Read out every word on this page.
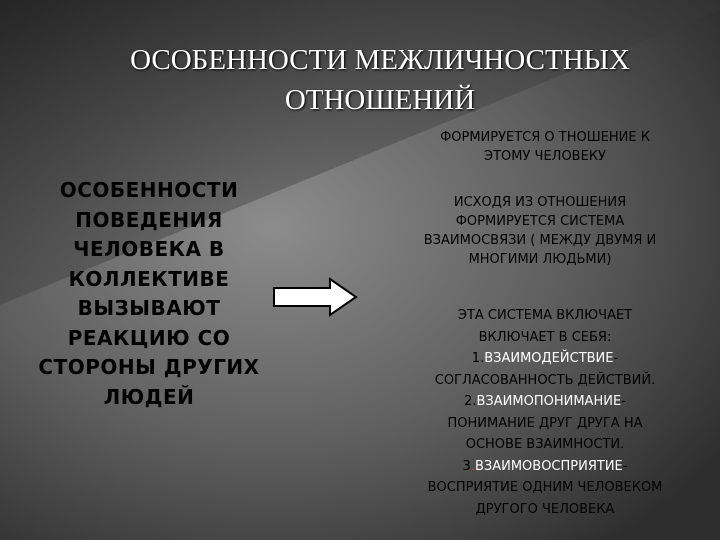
ОСОБЕННОСТИ МЕЖЛИЧНОСТНЫХ
ОТНОШЕНИЙ
ОСОБЕННОСТИ
ПОВЕДЕНИЯ
ЧЕЛОВЕКА В
КОЛЛЕКТИВЕ
ВЫЗЫВАЮТ
РЕАКЦИЮ СО
СТОРОНЫ ДРУГИХ
ЛЮДЕЙ
ФОРМИРУЕТСЯ О ТНОШЕНИЕ К
ЭТОМУ ЧЕЛОВЕКУ
ИСХОДЯ ИЗ ОТНОШЕНИЯ
ФОРМИРУЕТСЯ СИСТЕМА
ВЗАИМОСВЯЗИ ( МЕЖДУ ДВУМЯ И
МНОГИМИ ЛЮДЬМИ)
ЭТА СИСТЕМА ВКЛЮЧАЕТ
ВКЛЮЧАЕТ В СЕБЯ:
1.ВЗАИМОДЕЙСТВИЕ-
СОГЛАСОВАННОСТЬ ДЕЙСТВИЙ.
2.ВЗАИМОПОНИМАНИЕ-
ПОНИМАНИЕ ДРУГ ДРУГА НА
ОСНОВЕ ВЗАИМНОСТИ.
3.ВЗАИМОВОСПРИЯТИЕ-
ВОСПРИЯТИЕ ОДНИМ ЧЕЛОВЕКОМ
ДРУГОГО ЧЕЛОВЕКА
